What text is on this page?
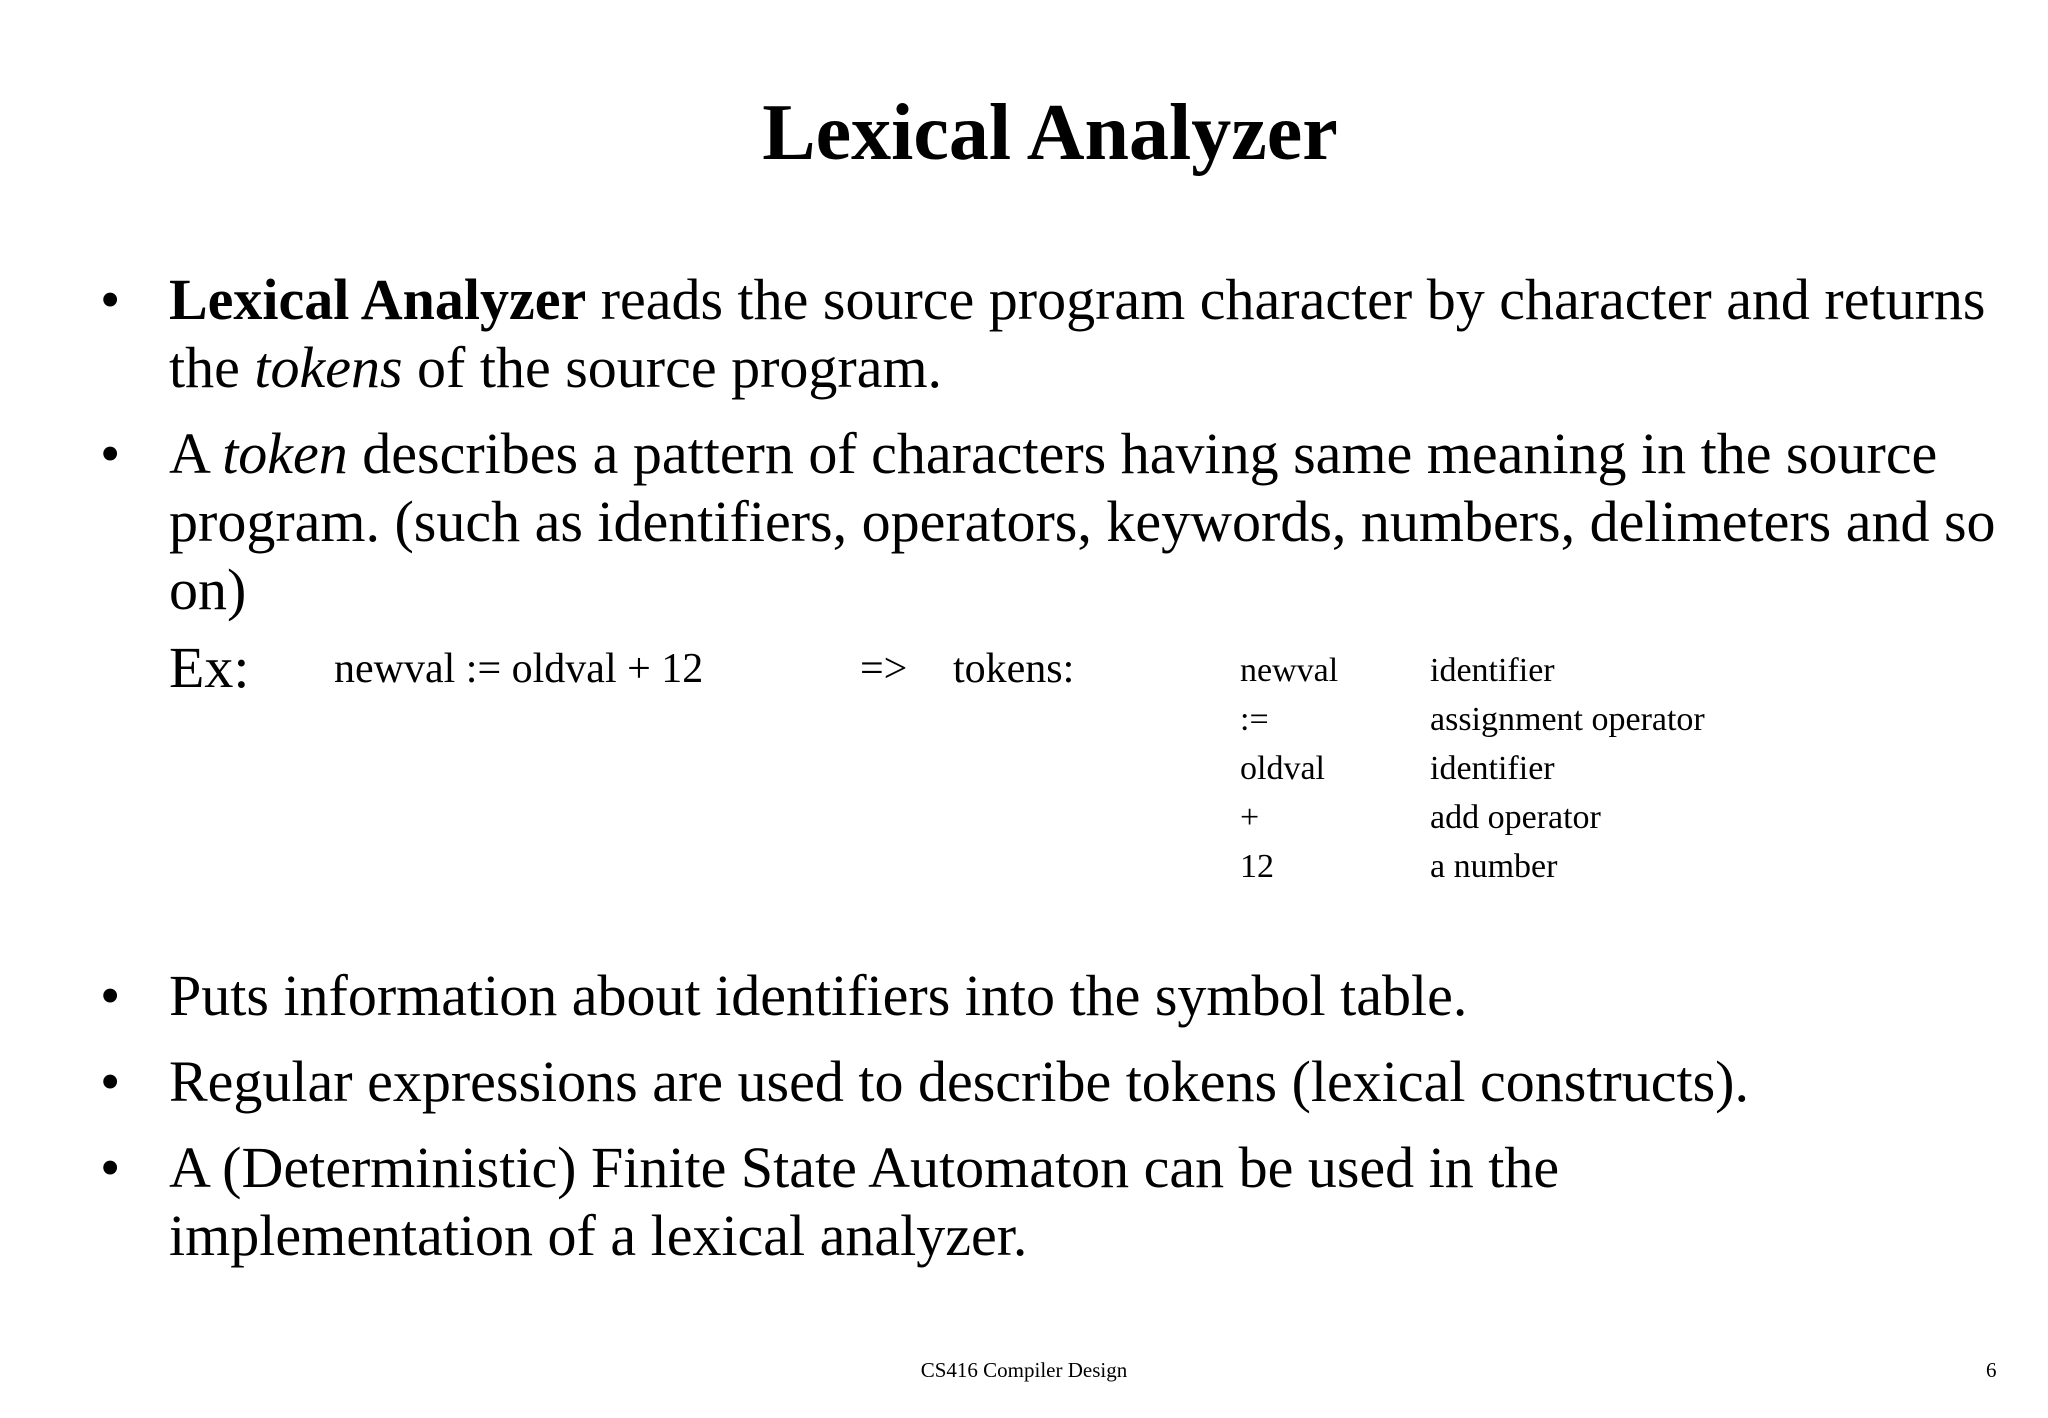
Lexical Analyzer
• Lexical Analyzer reads the source program character by character and returns the tokens of the source program.
• A token describes a pattern of characters having same meaning in the source program. (such as identifiers, operators, keywords, numbers, delimeters and so on)
Ex: newval := oldval + 12	=> tokens:	newval	identifier
:=	assignment operator
oldval	identifier
+	add operator
12	a number
• Puts information about identifiers into the symbol table.
• Regular expressions are used to describe tokens (lexical constructs).
• A (Deterministic) Finite State Automaton can be used in the implementation of a lexical analyzer.
CS416 Compiler Design	6
